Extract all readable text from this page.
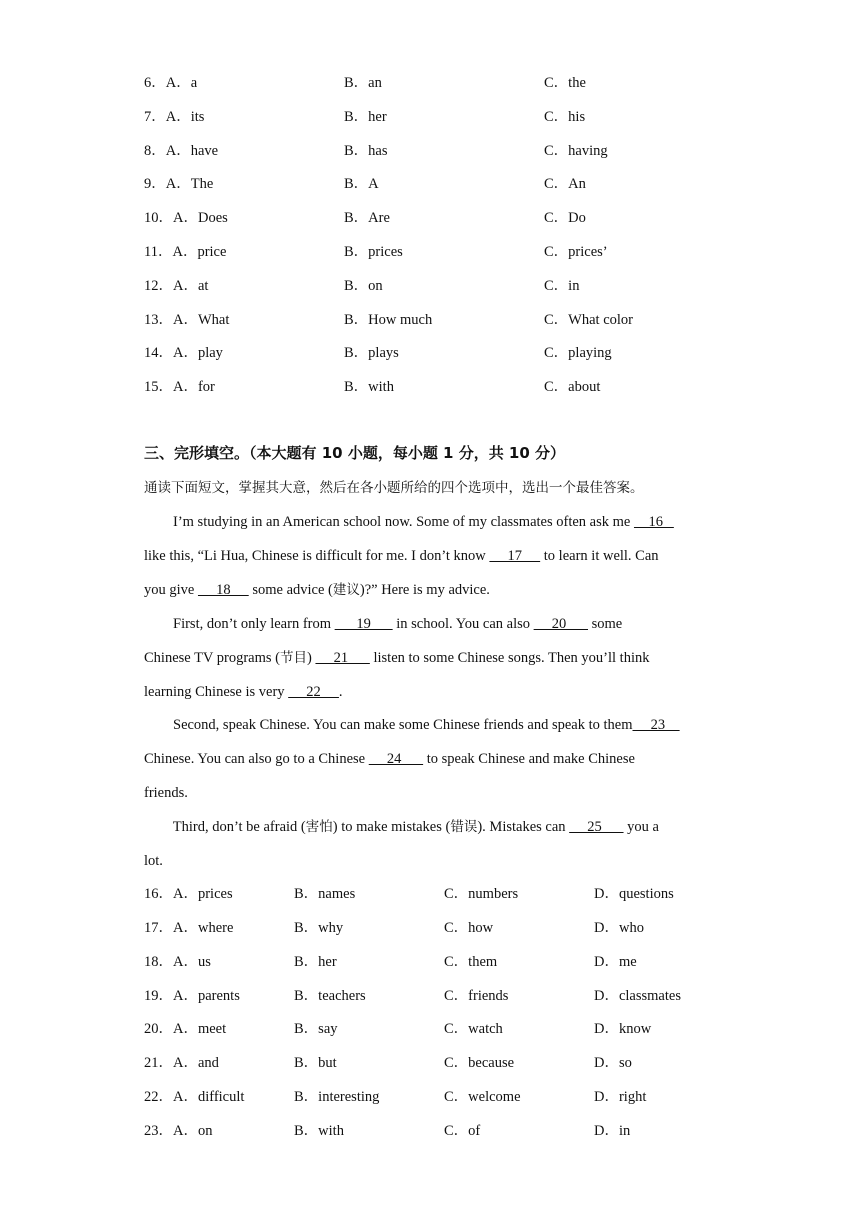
6．A．a	B．an	C．the
7．A．its	B．her	C．his
8．A．have	B．has	C．having
9．A．The	B．A	C．An
10．A．Does	B．Are	C．Do
11．A．price	B．prices	C．prices’
12．A．at	B．on	C．in
13．A．What	B．How much	C．What color
14．A．play	B．plays	C．playing
15．A．for	B．with	C．about
三、完形填空。（本大题有 10 小题，每小题 1 分，共 10 分）
通读下面短文，掌握其大意，然后在各小题所给的四个选项中，选出一个最佳答案。
I’m studying in an American school now. Some of my classmates often ask me     16
like this, “Li Hua, Chinese is difficult for me. I don’t know      17      to learn it well. Can
you give      18      some advice (建议)?” Here is my advice.
First, don’t only learn from       19       in school. You can also      20       some
Chinese TV programs (节目)      21       listen to some Chinese songs. Then you’ll think
learning Chinese is very      22     .
Second, speak Chinese. You can make some Chinese friends and speak to them     23
Chinese. You can also go to a Chinese      24       to speak Chinese and make Chinese
friends.
Third, don’t be afraid (害怕) to make mistakes (错误). Mistakes can      25       you a
lot.
16．A．prices	B．names	C．numbers	D．questions
17．A．where	B．why	C．how	D．who
18．A．us	B．her	C．them	D．me
19．A．parents	B．teachers	C．friends	D．classmates
20．A．meet	B．say	C．watch	D．know
21．A．and	B．but	C．because	D．so
22．A．difficult	B．interesting	C．welcome	D．right
23．A．on	B．with	C．of	D．in
